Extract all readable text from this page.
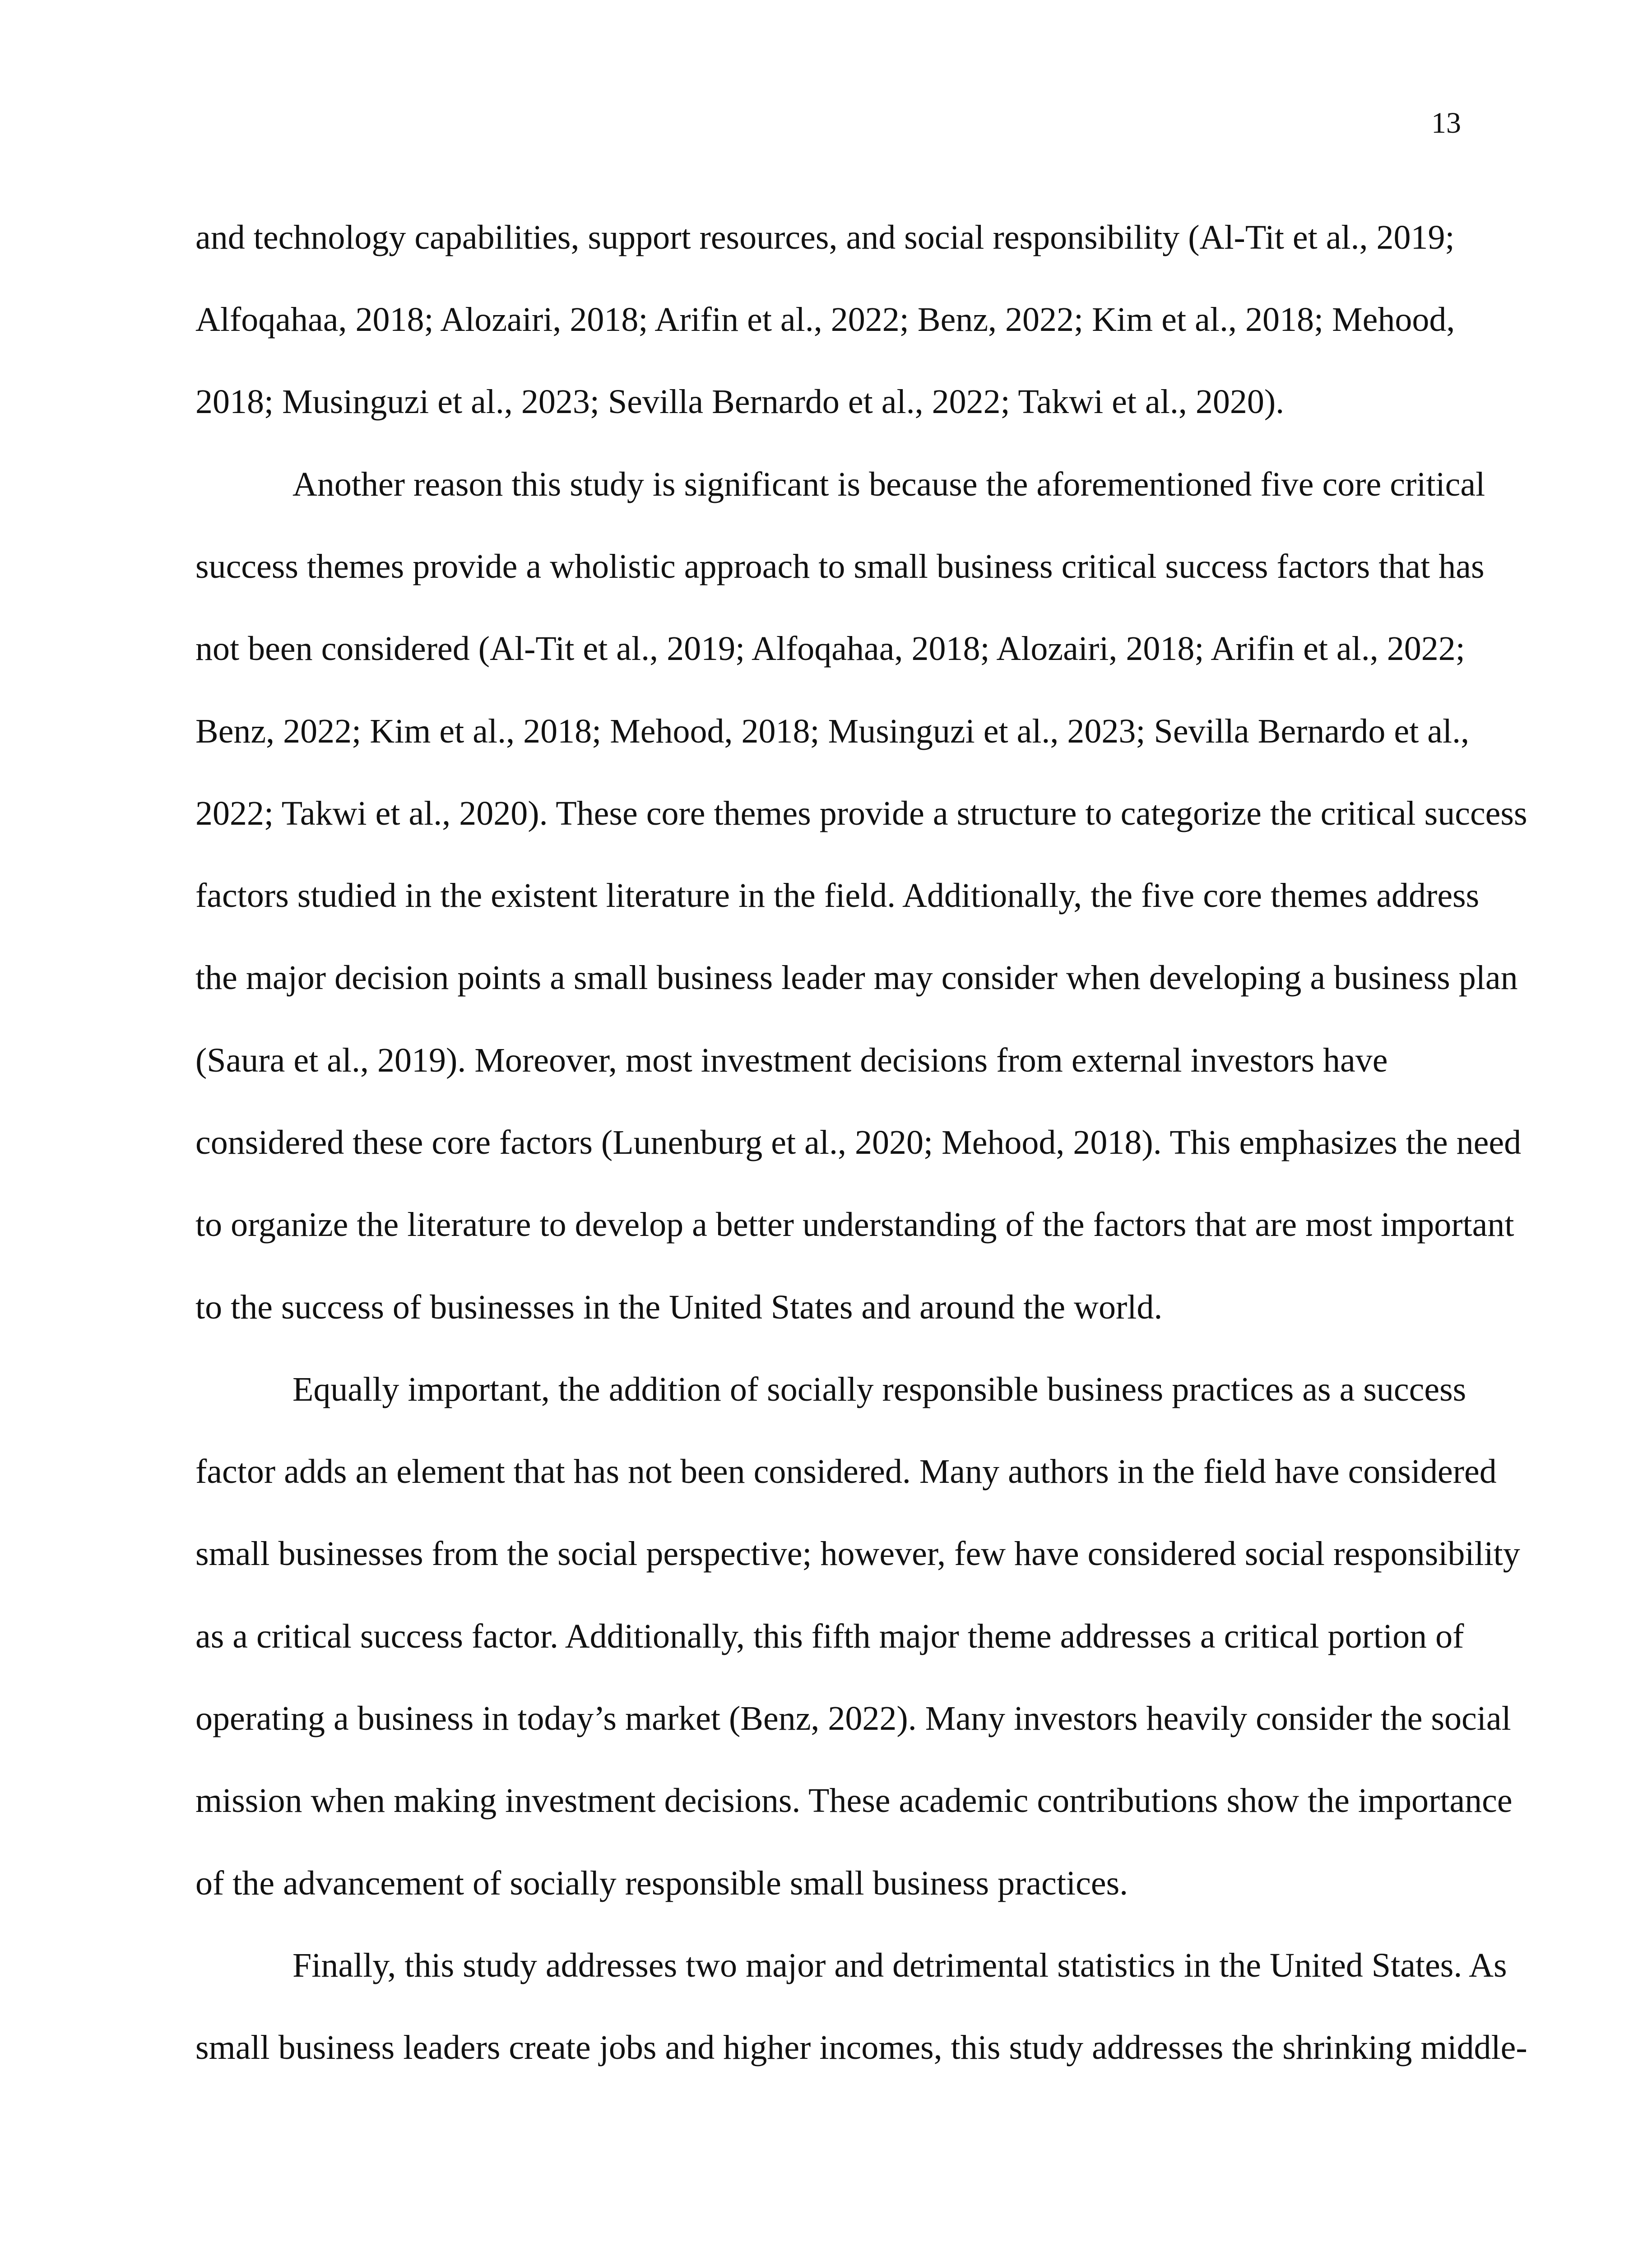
13
and technology capabilities, support resources, and social responsibility (Al-Tit et al., 2019;
Alfoqahaa, 2018; Alozairi, 2018; Arifin et al., 2022; Benz, 2022; Kim et al., 2018; Mehood,
2018; Musinguzi et al., 2023; Sevilla Bernardo et al., 2022; Takwi et al., 2020).
Another reason this study is significant is because the aforementioned five core critical
success themes provide a wholistic approach to small business critical success factors that has
not been considered (Al-Tit et al., 2019; Alfoqahaa, 2018; Alozairi, 2018; Arifin et al., 2022;
Benz, 2022; Kim et al., 2018; Mehood, 2018; Musinguzi et al., 2023; Sevilla Bernardo et al.,
2022; Takwi et al., 2020). These core themes provide a structure to categorize the critical success
factors studied in the existent literature in the field. Additionally, the five core themes address
the major decision points a small business leader may consider when developing a business plan
(Saura et al., 2019). Moreover, most investment decisions from external investors have
considered these core factors (Lunenburg et al., 2020; Mehood, 2018). This emphasizes the need
to organize the literature to develop a better understanding of the factors that are most important
to the success of businesses in the United States and around the world.
Equally important, the addition of socially responsible business practices as a success
factor adds an element that has not been considered. Many authors in the field have considered
small businesses from the social perspective; however, few have considered social responsibility
as a critical success factor. Additionally, this fifth major theme addresses a critical portion of
operating a business in today’s market (Benz, 2022). Many investors heavily consider the social
mission when making investment decisions. These academic contributions show the importance
of the advancement of socially responsible small business practices.
Finally, this study addresses two major and detrimental statistics in the United States. As
small business leaders create jobs and higher incomes, this study addresses the shrinking middle-
